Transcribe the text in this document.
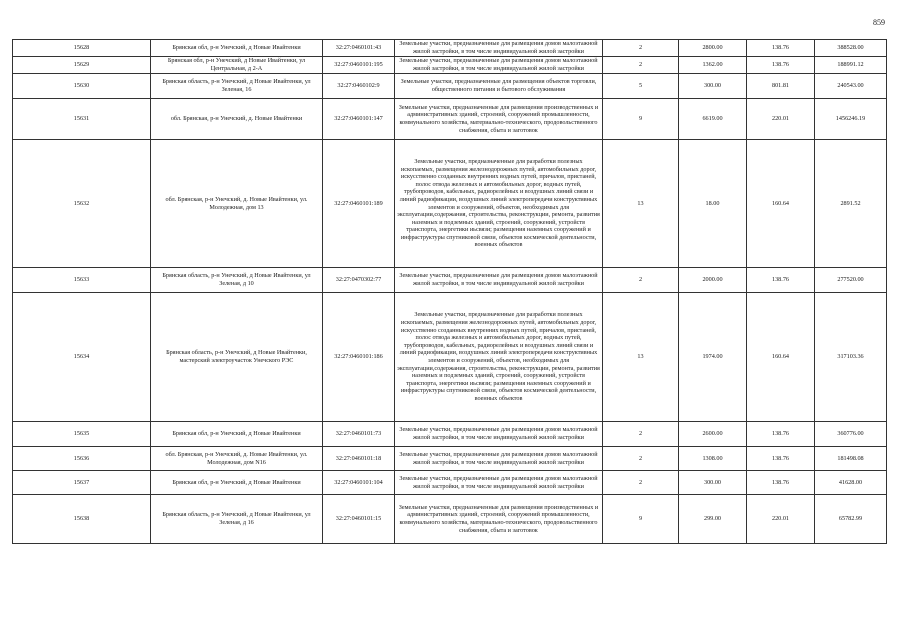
859
15628	Брянская обл, р-н Унечский, д Новые Ивайтенки	32:27:0460101:43	Земельные участки, предназначенные для размещения домов малоэтажной жилой застройки, в том числе индивидуальной жилой застройки	2	2800.00	138.76	388528.00
15629	Брянская обл, р-н Унечский, д Новые Ивайтенки, ул Центральная, д 2-А	32:27:0460101:195	Земельные участки, предназначенные для размещения домов малоэтажной жилой застройки, в том числе индивидуальной жилой застройки	2	1362.00	138.76	188991.12
15630	Брянская область, р-н Унечский, д Новые Ивайтенки, ул Зеленая, 16	32:27:0460102:9	Земельные участки, предназначенные для размещения объектов торговли, общественного питания и бытового обслуживания	5	300.00	801.81	240543.00
15631	обл. Брянская, р-н Унечский, д. Новые Ивайтенки	32:27:0460101:147	Земельные участки, предназначенные для размещения производственных и административных зданий, строений, сооружений промышленности, коммунального хозяйства, материально-технического, продовольственного снабжения, сбыта и заготовок	9	6619.00	220.01	1456246.19
15632	обл. Брянская, р-н Унечский, д. Новые Ивайтенки, ул. Молодежная, дом 13	32:27:0460101:189	Земельные участки, предназначенные для разработки полезных ископаемых, размещения железнодорожных путей, автомобильных дорог, искусственно созданных внутренних водных путей, причалов, пристаней, полос отвода железных и автомобильных дорог, водных путей, трубопроводов, кабельных, радиорелейных и воздушных линий связи и линий радиофикации, воздушных линий электропередачи конструктивных элементов и сооружений, объектов, необходимых для эксплуатации,содержания, строительства, реконструкции, ремонта, развития наземных и подземных зданий, строений, сооружений, устройств транспорта, энергетики иьсвязи; размещения наземных сооружений и инфраструктуры спутниковой связи, объектов космической деятельности, военных объектов	13	18.00	160.64	2891.52
15633	Брянская область, р-н Унечский, д Новые Ивайтенки, ул Зеленая, д 10	32:27:0470302:77	Земельные участки, предназначенные для размещения домов малоэтажной жилой застройки, в том числе индивидуальной жилой застройки	2	2000.00	138.76	277520.00
15634	Брянская область, р-н Унечский, д Новые Ивайтенки, мастерский электроучасток Унечского РЭС	32:27:0460101:186	Земельные участки, предназначенные для разработки полезных ископаемых, размещения железнодорожных путей, автомобильных дорог, искусственно созданных внутренних водных путей, причалов, пристаней, полос отвода железных и автомобильных дорог, водных путей, трубопроводов, кабельных, радиорелейных и воздушных линий связи и линий радиофикации, воздушных линий электропередачи конструктивных элементов и сооружений, объектов, необходимых для эксплуатации,содержания, строительства, реконструкции, ремонта, развития наземных и подземных зданий, строений, сооружений, устройств транспорта, энергетики иьсвязи; размещения наземных сооружений и инфраструктуры спутниковой связи, объектов космической деятельности, военных объектов	13	1974.00	160.64	317103.36
15635	Брянская обл, р-н Унечский, д Новые Ивайтенки	32:27:0460101:73	Земельные участки, предназначенные для размещения домов малоэтажной жилой застройки, в том числе индивидуальной жилой застройки	2	2600.00	138.76	360776.00
15636	обл. Брянская, р-н Унечский, д. Новые Ивайтенки, ул. Молодежная, дом N16	32:27:0460101:18	Земельные участки, предназначенные для размещения домов малоэтажной жилой застройки, в том числе индивидуальной жилой застройки	2	1308.00	138.76	181498.08
15637	Брянская обл, р-н Унечский, д Новые Ивайтенки	32:27:0460101:104	Земельные участки, предназначенные для размещения домов малоэтажной жилой застройки, в том числе индивидуальной жилой застройки	2	300.00	138.76	41628.00
15638	Брянская область, р-н Унечский, д Новые Ивайтенки, ул Зеленая, д 16	32:27:0460101:15	Земельные участки, предназначенные для размещения производственных и административных зданий, строений, сооружений промышленности, коммунального хозяйства, материально-технического, продовольственного снабжения, сбыта и заготовок	9	299.00	220.01	65782.99
